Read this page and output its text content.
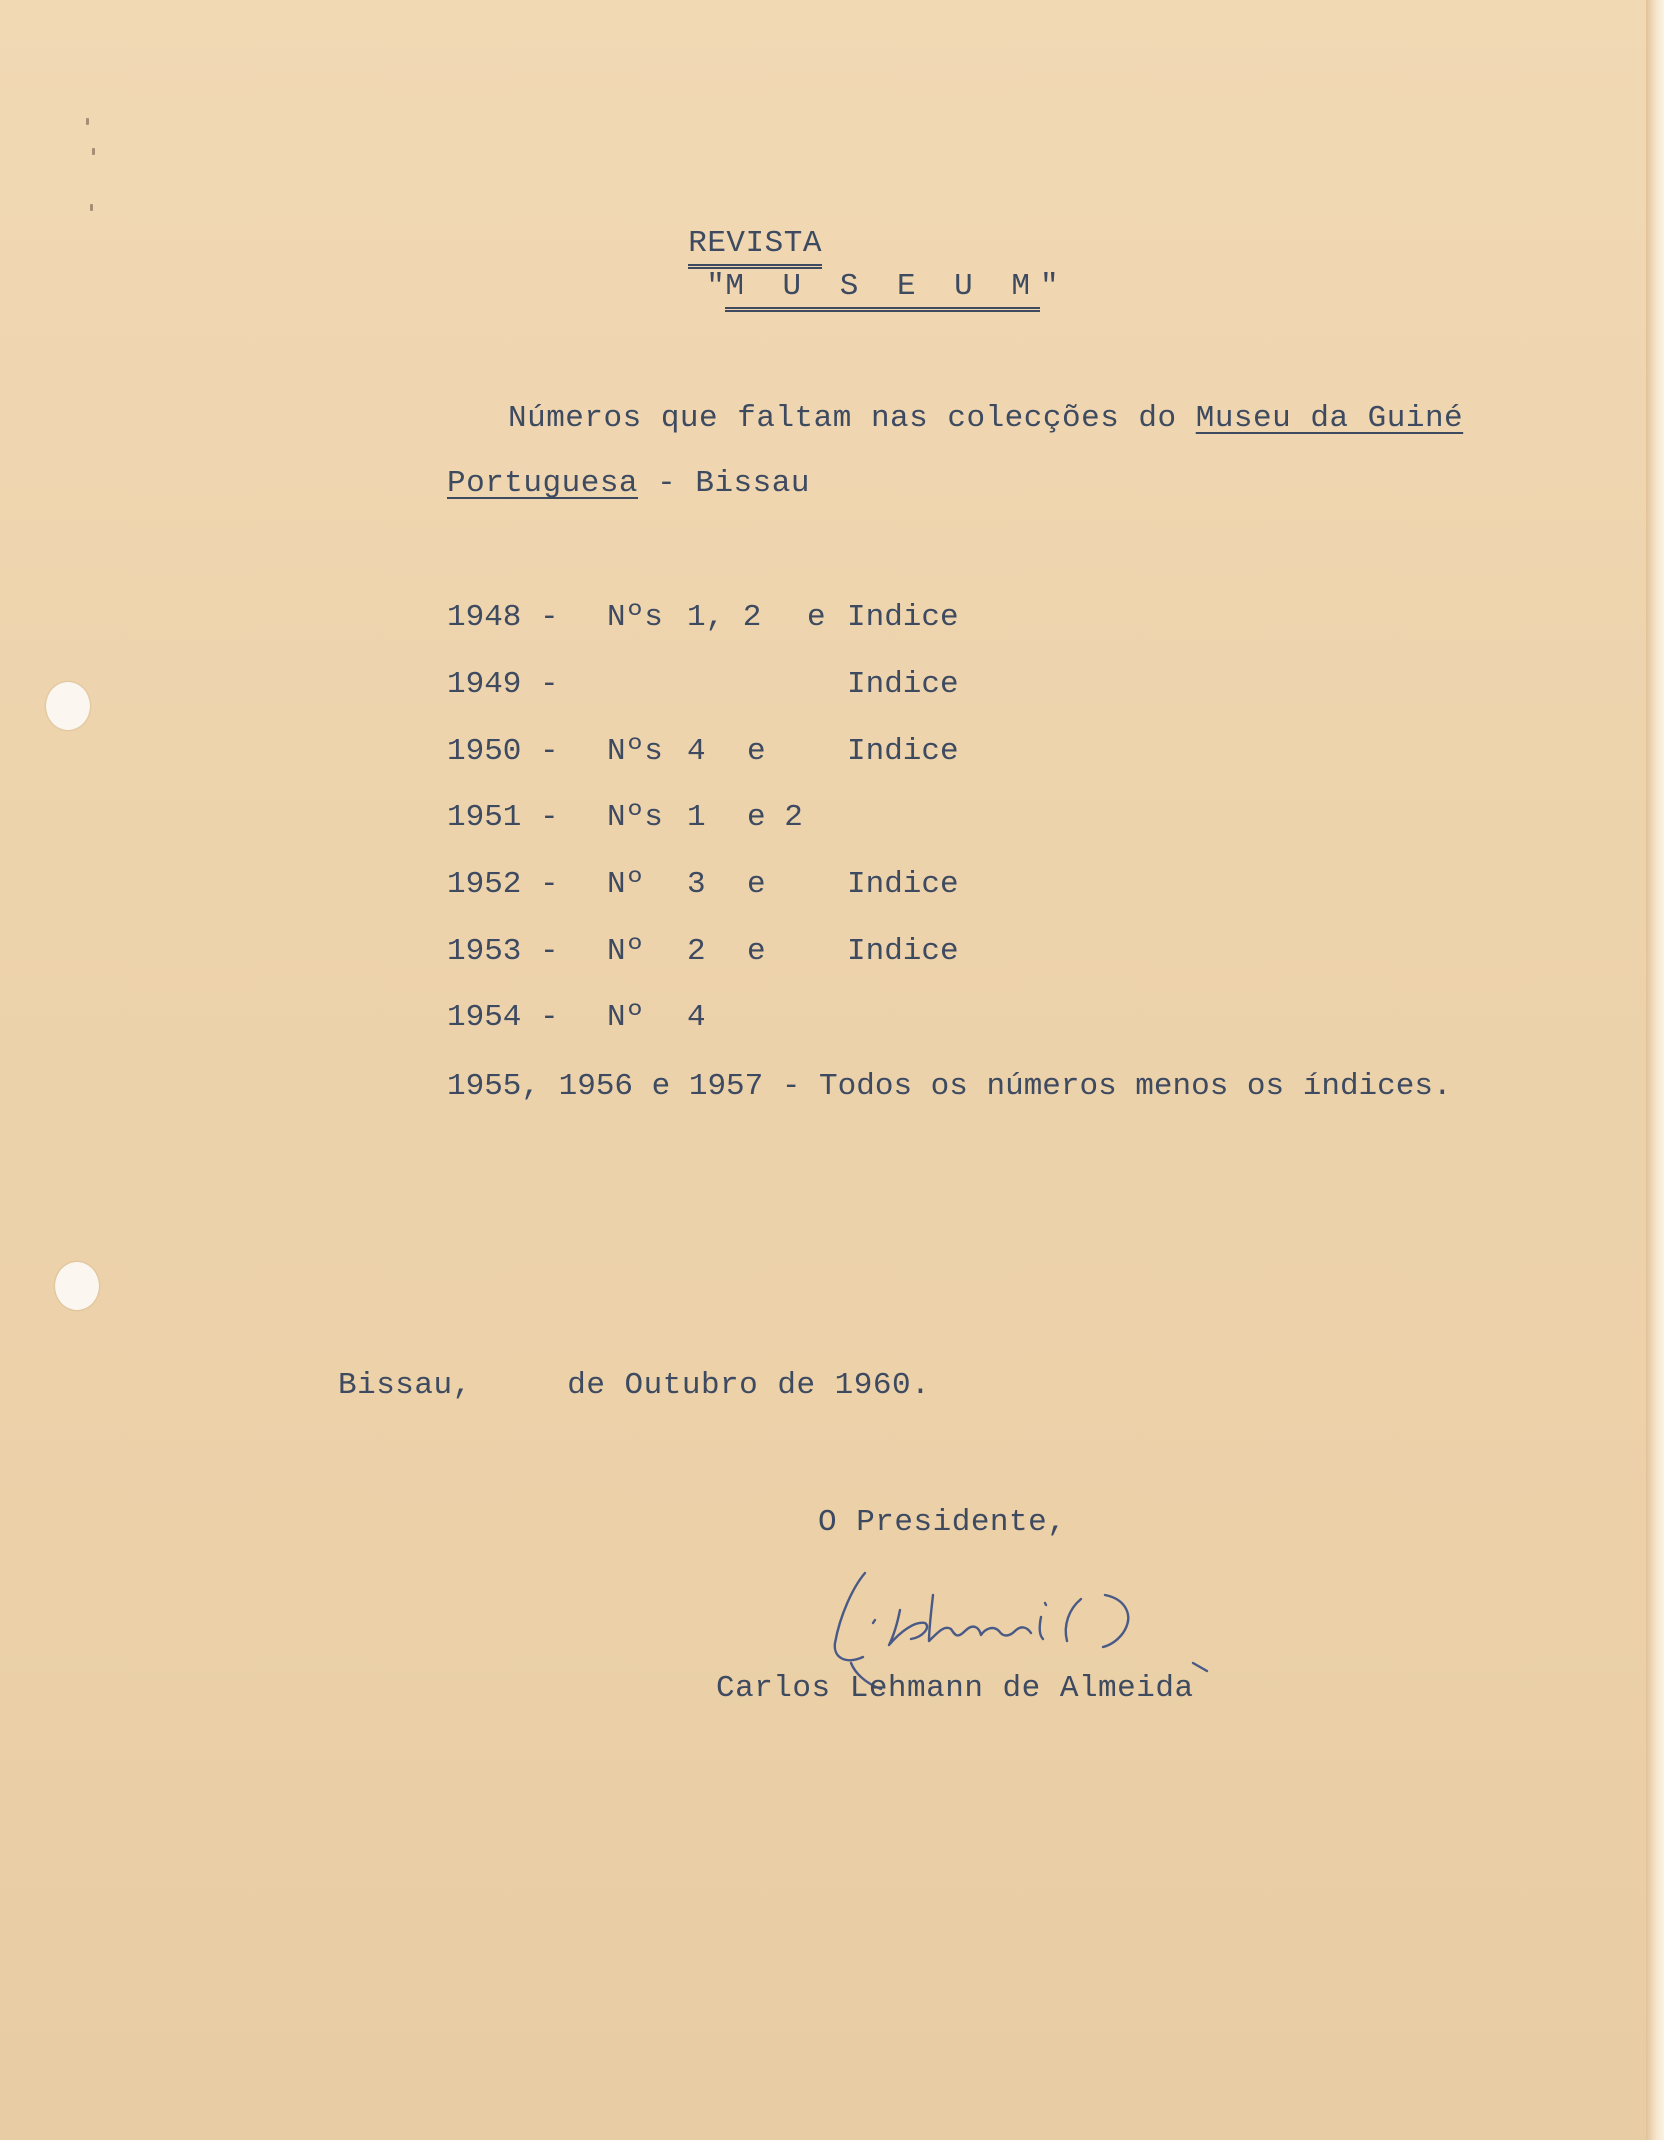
REVISTA
"M U S E U M"

Números que faltam nas colecções do Museu da Guiné
Portuguesa - Bissau
1948 - Nºs 1, 2 e Indice
1949 -	Indice
1950 - Nºs 4 e	Indice
1951 - Nºs 1 e 2
1952 - Nº 3 e	Indice
1953 - Nº 2 e	Indice
1954 - Nº 4
1955, 1956 e 1957 - Todos os números menos os índices.
Bissau,     de Outubro de 1960.
O Presidente,
Carlos Lehmann de Almeida
